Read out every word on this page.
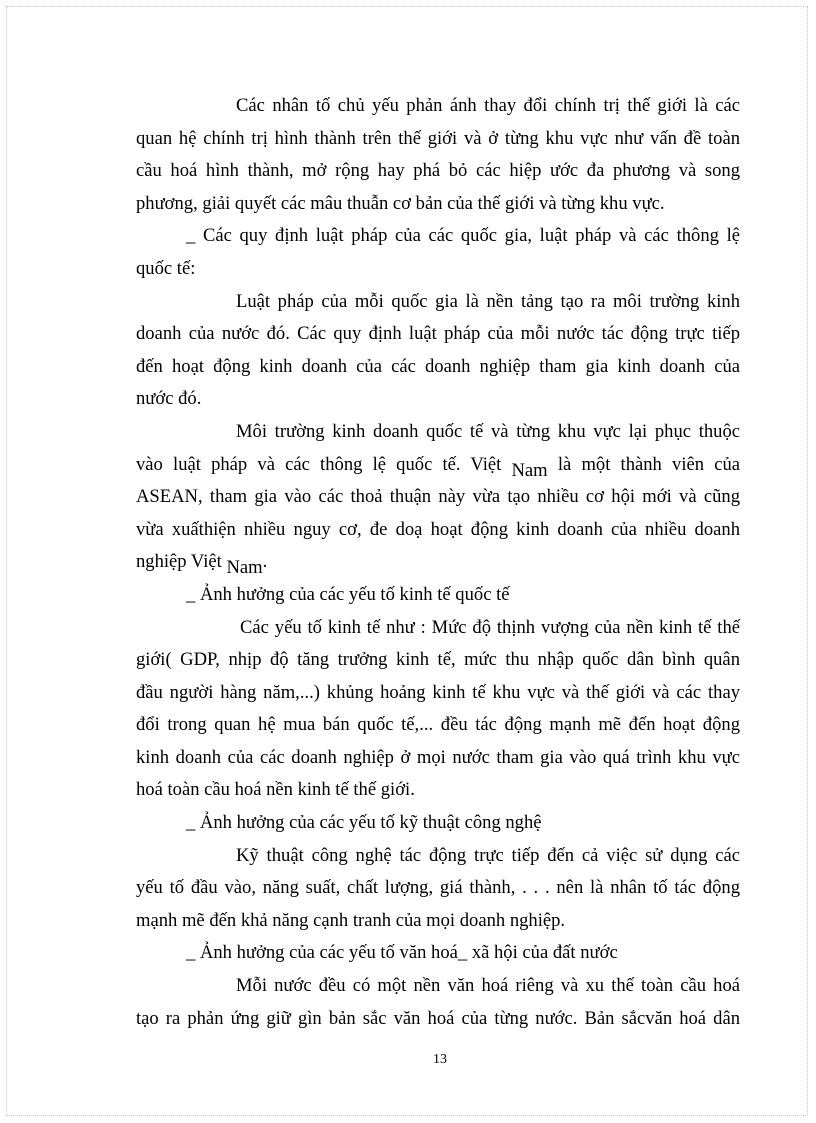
Các nhân tố chủ yếu phản ánh thay đổi chính trị thế giới là các
quan hệ chính trị hình thành trên thế giới và ở từng khu vực như vấn đề toàn
cầu hoá hình thành, mở rộng hay phá bỏ các hiệp ước đa phương và song
phương, giải quyết các mâu thuẫn cơ bản của thế giới và từng khu vực.
_ Các quy định luật pháp của các quốc gia, luật pháp và các thông lệ
quốc tế:
Luật pháp của mỗi quốc gia là nền tảng tạo ra môi trường kinh
doanh của nước đó. Các quy định luật pháp của mỗi nước tác động trực tiếp
đến hoạt động kinh doanh của các doanh nghiệp tham gia kinh doanh của
nước đó.
Môi trường kinh doanh quốc tế và từng khu vực lại phục thuộc
vào luật pháp và các thông lệ quốc tế. Việt Nam là một thành viên của
ASEAN, tham gia vào các thoả thuận này vừa tạo nhiều cơ hội mới và cũng
vừa xuấthiện nhiều nguy cơ, đe doạ hoạt động kinh doanh của nhiều doanh
nghiệp Việt Nam.
_ Ảnh hưởng của các yếu tố kinh tế quốc tế
Các yếu tố kinh tế như : Mức độ thịnh vượng của nền kinh tế thế
giới( GDP, nhịp độ tăng trưởng kinh tế, mức thu nhập quốc dân bình quân
đầu người hàng năm,...) khủng hoảng kinh tế khu vực và thế giới và các thay
đổi trong quan hệ mua bán quốc tế,... đều tác động mạnh mẽ đến hoạt động
kinh doanh của các doanh nghiệp ở mọi nước tham gia vào quá trình khu vực
hoá toàn cầu hoá nền kinh tế thế giới.
_ Ảnh hưởng của các yếu tố kỹ thuật công nghệ
Kỹ thuật công nghệ tác động trực tiếp đến cả việc sử dụng các
yếu tố đầu vào, năng suất, chất lượng, giá thành, . . . nên là nhân tố tác động
mạnh mẽ đến khả năng cạnh tranh của mọi doanh nghiệp.
_ Ảnh hưởng của các yếu tố văn hoá_ xã hội của đất nước
Mỗi nước đều có một nền văn hoá riêng và xu thế toàn cầu hoá
tạo ra phản ứng giữ gìn bản sắc văn hoá của từng nước. Bản sắcvăn hoá dân
13
